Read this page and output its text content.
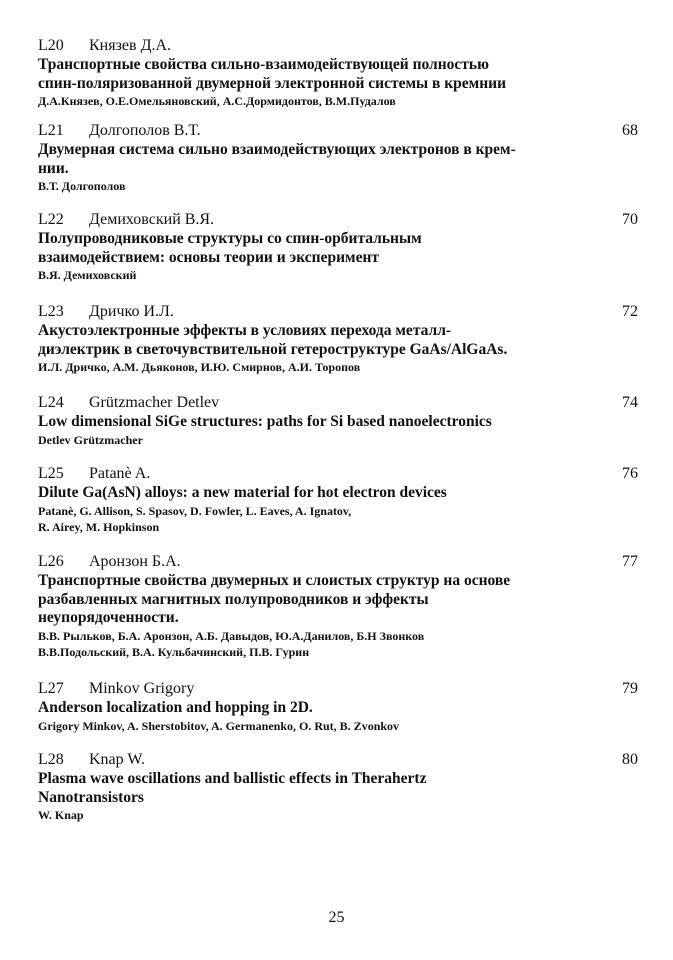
L20 Князев Д.А.
Транспортные свойства сильно-взаимодействующей полностью
спин-поляризованной двумерной электронной системы в кремнии
Д.А.Князев, О.Е.Омельяновский, А.С.Дормидонтов, В.М.Пудалов
L21 Долгополов В.Т.	68
Двумерная система сильно взаимодействующих электронов в крем-
нии.
В.Т. Долгополов
L22 Демиховский В.Я.	70
Полупроводниковые структуры со спин-орбитальным
взаимодействием: основы теории и эксперимент
В.Я. Демиховский
L23 Дричко И.Л.	72
Акустоэлектронные эффекты в условиях перехода металл-
диэлектрик в светочувствительной гетероструктуре GaAs/AlGaAs.
И.Л. Дричко, А.М. Дьяконов, И.Ю. Смирнов, А.И. Торопов
L24 Grützmacher Detlev	74
Low dimensional SiGe structures: paths for Si based nanoelectronics
Detlev Grützmacher
L25 Patanè A.	76
Dilute Ga(AsN) alloys: a new material for hot electron devices
Patanè, G. Allison, S. Spasov, D. Fowler, L. Eaves, A. Ignatov,
R. Airey, M. Hopkinson
L26 Аронзон Б.А.	77
Транспортные свойства двумерных и слоистых структур на основе
разбавленных магнитных полупроводников и эффекты
неупорядоченности.
В.В. Рыльков, Б.А. Аронзон, А.Б. Давыдов, Ю.А.Данилов, Б.Н Звонков
В.В.Подольский, В.А. Кульбачинский, П.В. Гурин
L27 Minkov Grigory	79
Anderson localization and hopping in 2D.
Grigory Minkov, A. Sherstobitov, A. Germanenko, O. Rut, B. Zvonkov
L28 Knap W.	80
Plasma wave oscillations and ballistic effects in Therahertz
Nanotransistors
W. Knap
25
